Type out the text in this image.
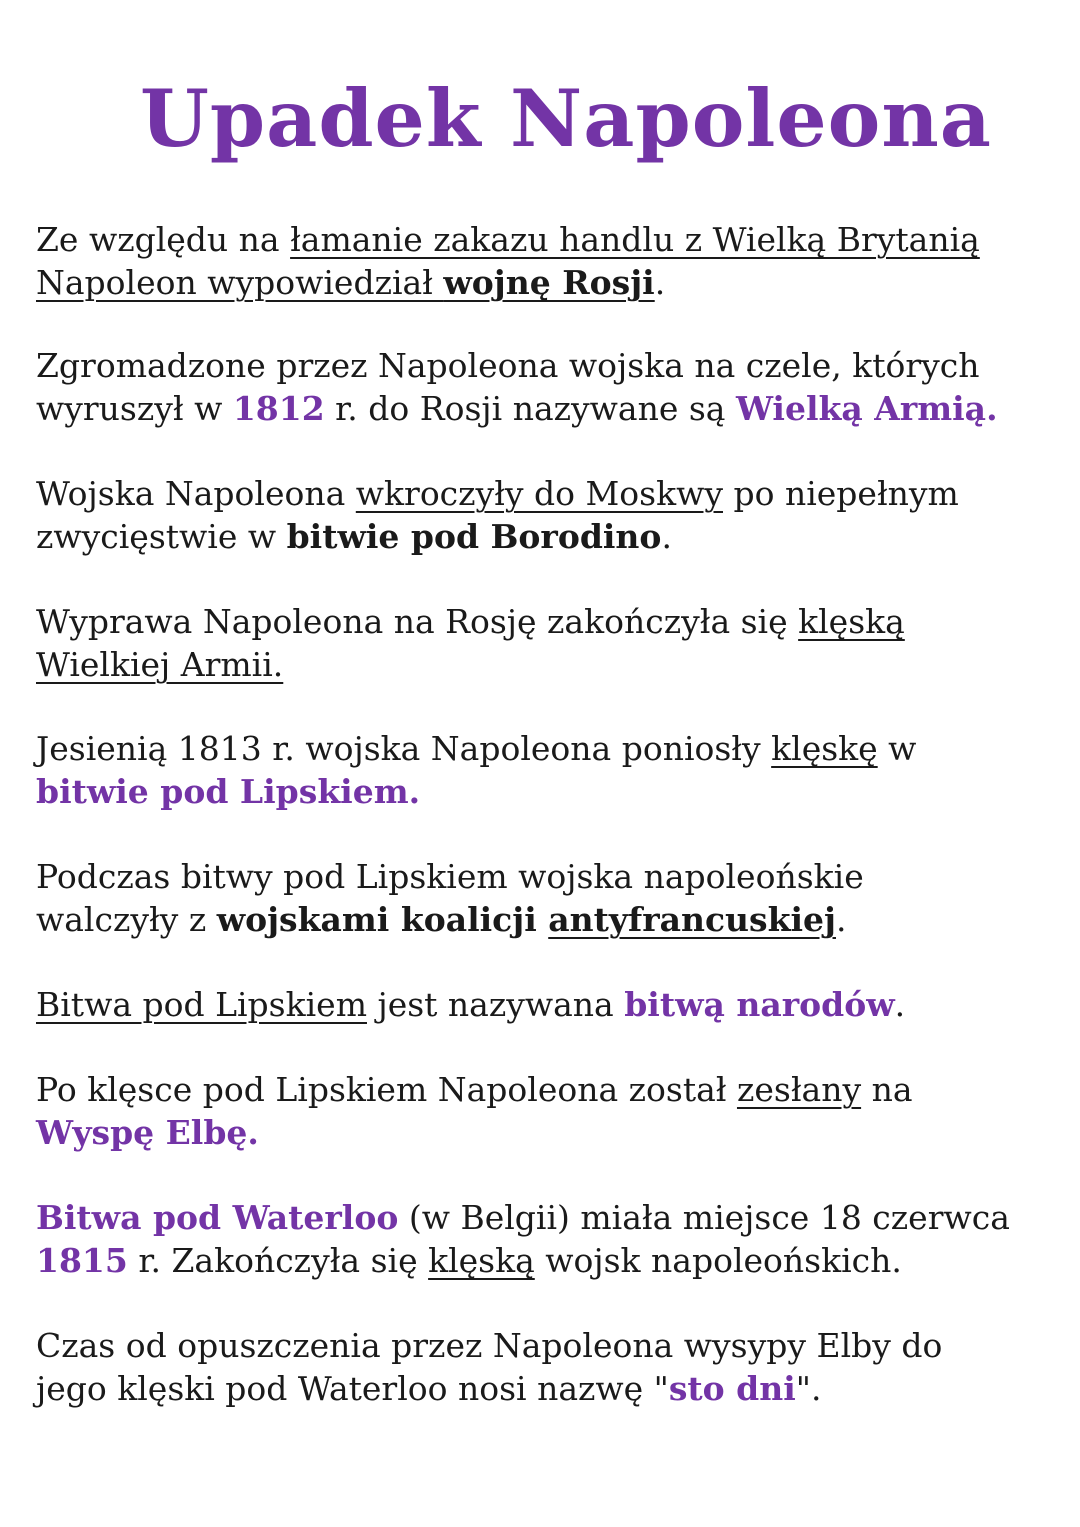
Upadek Napoleona

Ze względu na łamanie zakazu handlu z Wielką Brytanią
Napoleon wypowiedział wojnę Rosji.

Zgromadzone przez Napoleona wojska na czele, których
wyruszył w 1812 r. do Rosji nazywane są Wielką Armią.

Wojska Napoleona wkroczyły do Moskwy po niepełnym
zwycięstwie w bitwie pod Borodino.

Wyprawa Napoleona na Rosję zakończyła się klęską
Wielkiej Armii.

Jesienią 1813 r. wojska Napoleona poniosły klęskę w
bitwie pod Lipskiem.

Podczas bitwy pod Lipskiem wojska napoleońskie
walczyły z wojskami koalicji antyfrancuskiej.

Bitwa pod Lipskiem jest nazywana bitwą narodów.

Po klęsce pod Lipskiem Napoleona został zesłany na
Wyspę Elbę.

Bitwa pod Waterloo (w Belgii) miała miejsce 18 czerwca
1815 r. Zakończyła się klęską wojsk napoleońskich.

Czas od opuszczenia przez Napoleona wysypy Elby do
jego klęski pod Waterloo nosi nazwę "sto dni".
